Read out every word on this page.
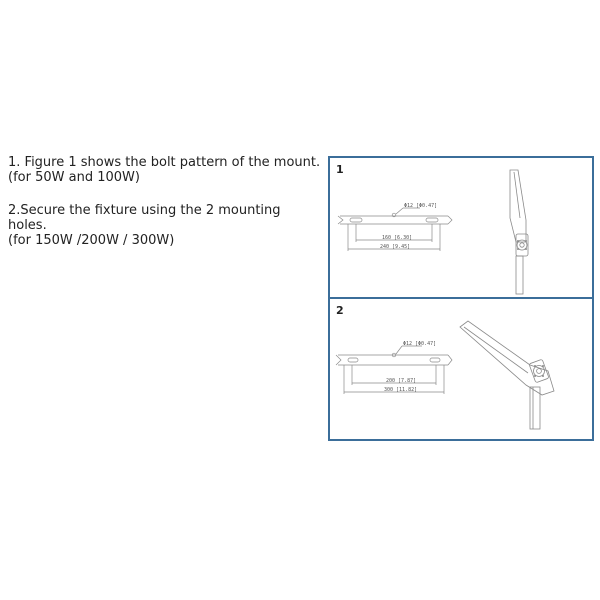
1. Figure 1 shows the bolt pattern of the mount.

(for 50W and 100W)

2.Secure the fixture using the 2 mounting

holes.

(for 150W /200W / 300W)

1
Φ12 [Φ0.47]
160 [6.30]
240 [9.45]
2
Φ12 [Φ0.47]
200 [7.87]
300 [11.82]
